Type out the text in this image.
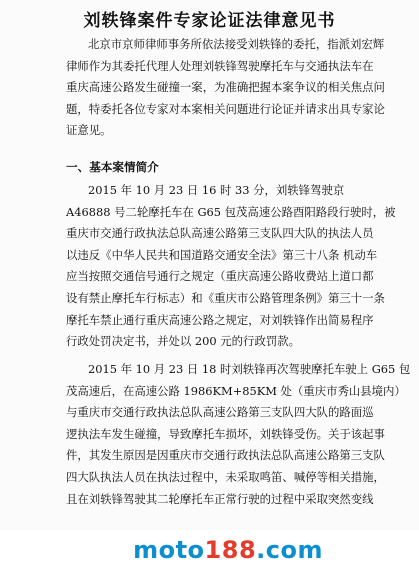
刘轶锋案件专家论证法律意见书
北京市京师律师事务所依法接受刘轶锋的委托，指派刘宏辉
律师作为其委托代理人处理刘轶锋驾驶摩托车与交通执法车在
重庆高速公路发生碰撞一案，为准确把握本案争议的相关焦点问
题，特委托各位专家对本案相关问题进行论证并请求出具专家论
证意见。
一、基本案情简介
2015 年 10 月 23 日 16 时 33 分，刘轶锋驾驶京
A46888 号二轮摩托车在 G65 包茂高速公路酉阳路段行驶时，被
重庆市交通行政执法总队高速公路第三支队四大队的执法人员
以违反《中华人民共和国道路交通安全法》第三十八条 机动车
应当按照交通信号通行之规定（重庆高速公路收费站上道口都
设有禁止摩托车行标志）和《重庆市公路管理条例》第三十一条
摩托车禁止通行重庆高速公路之规定，对刘轶锋作出简易程序
行政处罚决定书，并处以 200 元的行政罚款。
2015 年 10 月 23 日 18 时刘轶锋再次驾驶摩托车驶上 G65 包
茂高速后，在高速公路 1986KM+85KM 处（重庆市秀山县境内）
与重庆市交通行政执法总队高速公路第三支队四大队的路面巡
逻执法车发生碰撞，导致摩托车损坏，刘轶锋受伤。关于该起事
件，其发生原因是因重庆市交通行政执法总队高速公路第三支队
四大队执法人员在执法过程中，未采取鸣笛、喊停等相关措施，
且在刘轶锋驾驶其二轮摩托车正常行驶的过程中采取突然变线
moto188.com
